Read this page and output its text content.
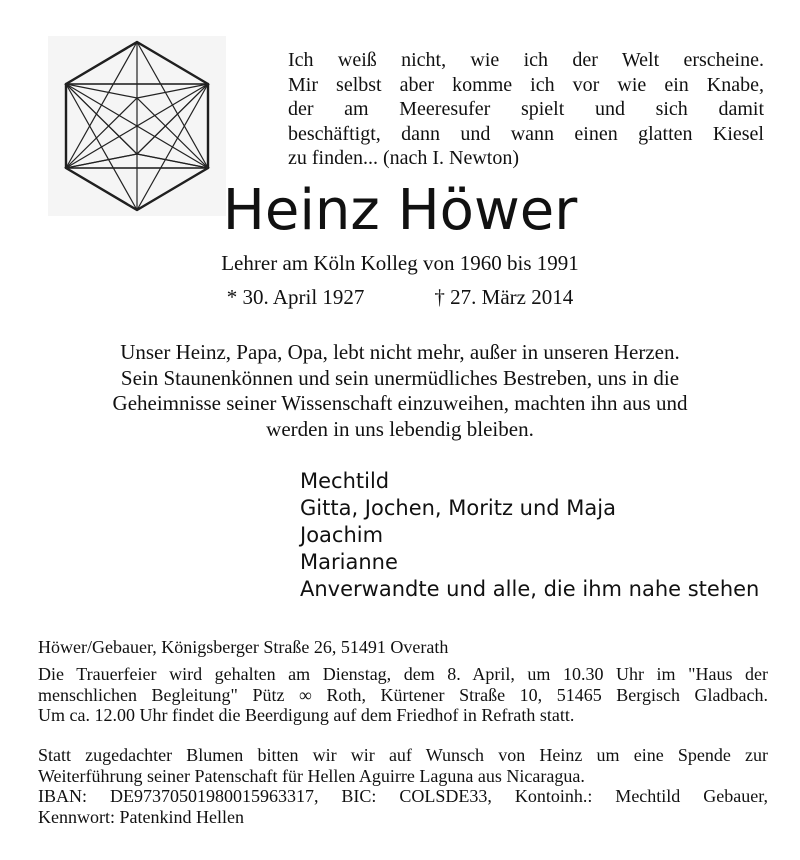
Ich weiß nicht, wie ich der Welt erscheine.
Mir selbst aber komme ich vor wie ein Knabe,
der am Meeresufer spielt und sich damit
beschäftigt, dann und wann einen glatten Kiesel
zu finden... (nach I. Newton)
Heinz Höwer
Lehrer am Köln Kolleg von 1960 bis 1991
* 30. April 1927	† 27. März 2014
Unser Heinz, Papa, Opa, lebt nicht mehr, außer in unseren Herzen.
Sein Staunenkönnen und sein unermüdliches Bestreben, uns in die
Geheimnisse seiner Wissenschaft einzuweihen, machten ihn aus und
werden in uns lebendig bleiben.
Mechtild
Gitta, Jochen, Moritz und Maja
Joachim
Marianne
Anverwandte und alle, die ihm nahe stehen
Höwer/Gebauer, Königsberger Straße 26, 51491 Overath
Die Trauerfeier wird gehalten am Dienstag, dem 8. April, um 10.30 Uhr im "Haus der
menschlichen Begleitung" Pütz ∞ Roth, Kürtener Straße 10, 51465 Bergisch Gladbach.
Um ca. 12.00 Uhr findet die Beerdigung auf dem Friedhof in Refrath statt.
Statt zugedachter Blumen bitten wir wir auf Wunsch von Heinz um eine Spende zur
Weiterführung seiner Patenschaft für Hellen Aguirre Laguna aus Nicaragua.
IBAN: DE97370501980015963317, BIC: COLSDE33, Kontoinh.: Mechtild Gebauer,
Kennwort: Patenkind Hellen
